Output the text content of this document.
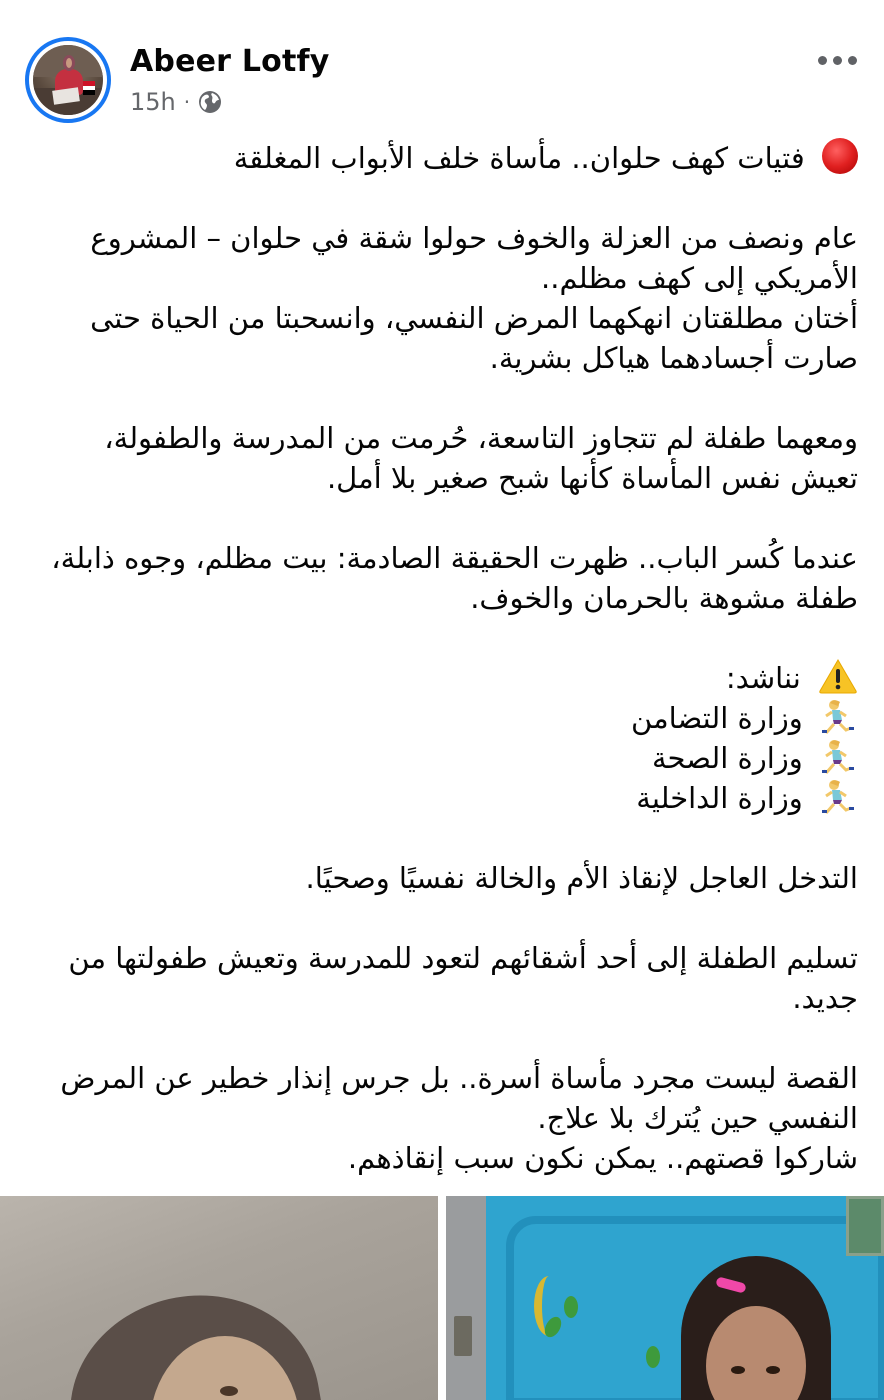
Abeer Lotfy
15h ·
فتيات كهف حلوان.. مأساة خلف الأبواب المغلقة
عام ونصف من العزلة والخوف حولوا شقة في حلوان – المشروع
الأمريكي إلى كهف مظلم..
أختان مطلقتان انهكهما المرض النفسي، وانسحبتا من الحياة حتى
صارت أجسادهما هياكل بشرية.
ومعهما طفلة لم تتجاوز التاسعة، حُرمت من المدرسة والطفولة،
تعيش نفس المأساة كأنها شبح صغير بلا أمل.
عندما كُسر الباب.. ظهرت الحقيقة الصادمة: بيت مظلم، وجوه ذابلة،
طفلة مشوهة بالحرمان والخوف.
نناشد:
وزارة التضامن
وزارة الصحة
وزارة الداخلية
التدخل العاجل لإنقاذ الأم والخالة نفسيًا وصحيًا.
تسليم الطفلة إلى أحد أشقائهم لتعود للمدرسة وتعيش طفولتها من
جديد.
القصة ليست مجرد مأساة أسرة.. بل جرس إنذار خطير عن المرض
النفسي حين يُترك بلا علاج.
شاركوا قصتهم.. يمكن نكون سبب إنقاذهم.
